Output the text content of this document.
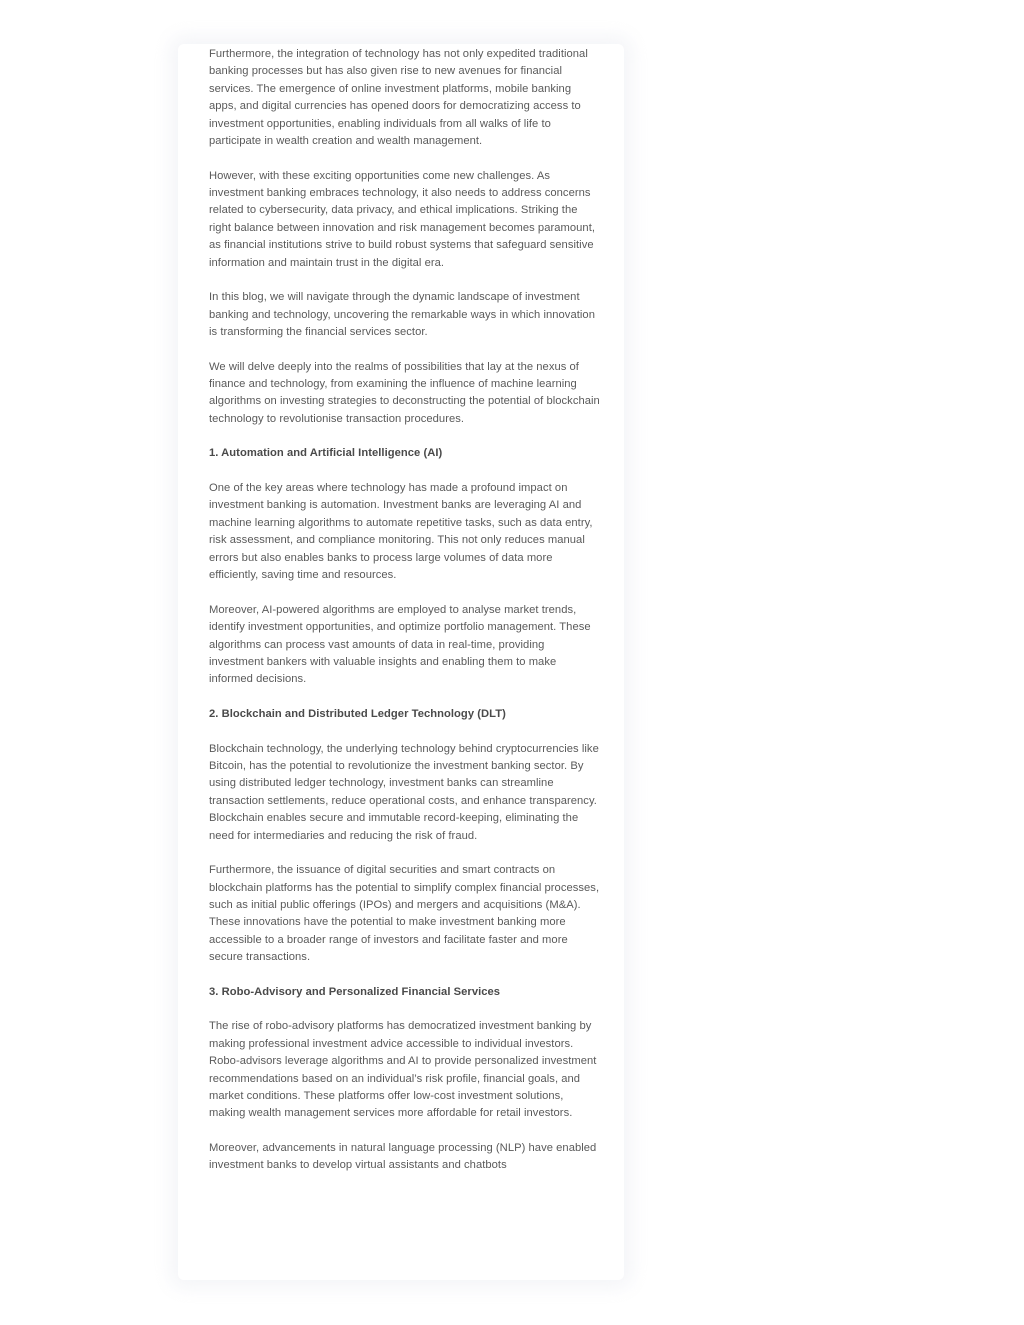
Furthermore, the integration of technology has not only expedited traditional banking processes but has also given rise to new avenues for financial services. The emergence of online investment platforms, mobile banking apps, and digital currencies has opened doors for democratizing access to investment opportunities, enabling individuals from all walks of life to participate in wealth creation and wealth management.

However, with these exciting opportunities come new challenges. As investment banking embraces technology, it also needs to address concerns related to cybersecurity, data privacy, and ethical implications. Striking the right balance between innovation and risk management becomes paramount, as financial institutions strive to build robust systems that safeguard sensitive information and maintain trust in the digital era.

In this blog, we will navigate through the dynamic landscape of investment banking and technology, uncovering the remarkable ways in which innovation is transforming the financial services sector.

We will delve deeply into the realms of possibilities that lay at the nexus of finance and technology, from examining the influence of machine learning algorithms on investing strategies to deconstructing the potential of blockchain technology to revolutionise transaction procedures.

1. Automation and Artificial Intelligence (AI)

One of the key areas where technology has made a profound impact on investment banking is automation. Investment banks are leveraging AI and machine learning algorithms to automate repetitive tasks, such as data entry, risk assessment, and compliance monitoring. This not only reduces manual errors but also enables banks to process large volumes of data more efficiently, saving time and resources.

Moreover, AI-powered algorithms are employed to analyse market trends, identify investment opportunities, and optimize portfolio management. These algorithms can process vast amounts of data in real-time, providing investment bankers with valuable insights and enabling them to make informed decisions.

2. Blockchain and Distributed Ledger Technology (DLT)

Blockchain technology, the underlying technology behind cryptocurrencies like Bitcoin, has the potential to revolutionize the investment banking sector. By using distributed ledger technology, investment banks can streamline transaction settlements, reduce operational costs, and enhance transparency. Blockchain enables secure and immutable record-keeping, eliminating the need for intermediaries and reducing the risk of fraud.

Furthermore, the issuance of digital securities and smart contracts on blockchain platforms has the potential to simplify complex financial processes, such as initial public offerings (IPOs) and mergers and acquisitions (M&A). These innovations have the potential to make investment banking more accessible to a broader range of investors and facilitate faster and more secure transactions.

3. Robo-Advisory and Personalized Financial Services

The rise of robo-advisory platforms has democratized investment banking by making professional investment advice accessible to individual investors. Robo-advisors leverage algorithms and AI to provide personalized investment recommendations based on an individual’s risk profile, financial goals, and market conditions. These platforms offer low-cost investment solutions, making wealth management services more affordable for retail investors.

Moreover, advancements in natural language processing (NLP) have enabled investment banks to develop virtual assistants and chatbots
